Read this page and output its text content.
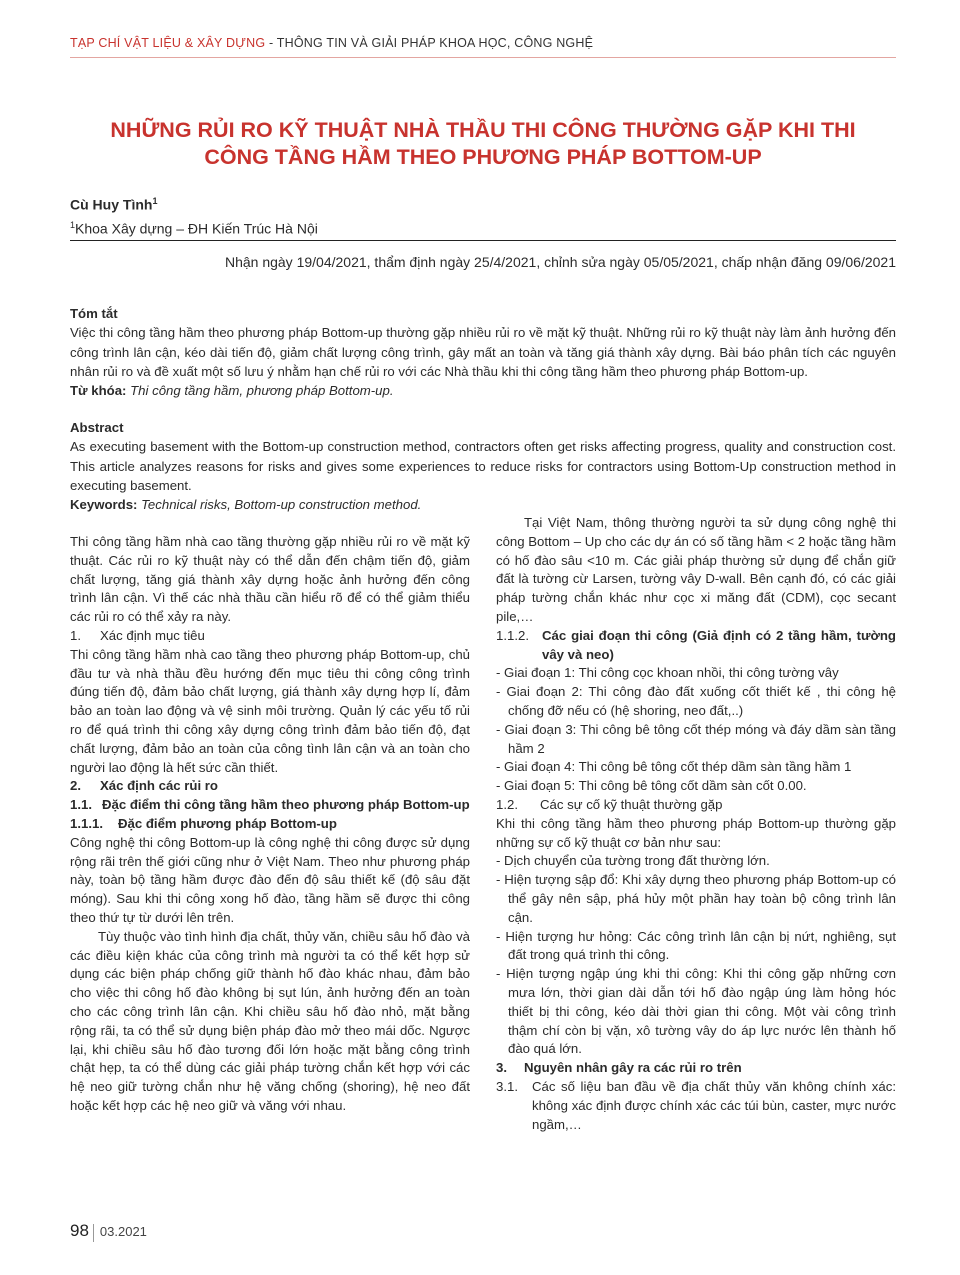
TẠP CHÍ VẬT LIỆU & XÂY DỰNG - THÔNG TIN VÀ GIẢI PHÁP KHOA HỌC, CÔNG NGHỆ
NHỮNG RỦI RO KỸ THUẬT NHÀ THẦU THI CÔNG THƯỜNG GẶP KHI THI
CÔNG TẦNG HẦM THEO PHƯƠNG PHÁP BOTTOM-UP
Cù Huy Tình$^1$
$^1$Khoa Xây dựng – ĐH Kiến Trúc Hà Nội
Nhận ngày 19/04/2021, thẩm định ngày 25/4/2021, chỉnh sửa ngày 05/05/2021, chấp nhận đăng 09/06/2021
Tóm tắt
Việc thi công tầng hầm theo phương pháp Bottom-up thường gặp nhiều rủi ro về mặt kỹ thuật. Những rủi ro kỹ thuật này làm ảnh hưởng đến công trình lân cận, kéo dài tiến độ, giảm chất lượng công trình, gây mất an toàn và tăng giá thành xây dựng. Bài báo phân tích các nguyên nhân rủi ro và đề xuất một số lưu ý nhằm hạn chế rủi ro với các Nhà thầu khi thi công tầng hầm theo phương pháp Bottom-up.
Từ khóa: Thi công tầng hầm, phương pháp Bottom-up.
Abstract
As executing basement with the Bottom-up construction method, contractors often get risks affecting progress, quality and construction cost. This article analyzes reasons for risks and gives some experiences to reduce risks for contractors using Bottom-Up construction method in executing basement.
Keywords: Technical risks, Bottom-up construction method.

Thi công tầng hầm nhà cao tầng thường gặp nhiều rủi ro về mặt kỹ thuật. Các rủi ro kỹ thuật này có thể dẫn đến chậm tiến độ, giảm chất lượng, tăng giá thành xây dựng hoặc ảnh hưởng đến công trình lân cận. Vì thế các nhà thầu cần hiểu rõ để có thể giảm thiểu các rủi ro có thể xảy ra này.

1.	Xác định mục tiêu

Thi công tầng hầm nhà cao tầng theo phương pháp Bottom-up, chủ đầu tư và nhà thầu đều hướng đến mục tiêu thi công công trình đúng tiến độ, đảm bảo chất lượng, giá thành xây dựng hợp lí, đảm bảo an toàn lao động và vệ sinh môi trường. Quản lý các yếu tố rủi ro để quá trình thi công xây dựng công trình đảm bảo tiến độ, đạt chất lượng, đảm bảo an toàn của công tình lân cận và an toàn cho người lao động là hết sức cần thiết.

2.	Xác định các rủi ro

1.1. Đặc điểm thi công tầng hầm theo phương pháp Bottom-up

1.1.1.	Đặc điểm phương pháp Bottom-up

Công nghệ thi công Bottom-up là công nghệ thi công được sử dụng rộng rãi trên thế giới cũng như ở Việt Nam. Theo như phương pháp này, toàn bộ tầng hầm được đào đến độ sâu thiết kế (độ sâu đặt móng). Sau khi thi công xong hố đào, tầng hầm sẽ được thi công theo thứ tự từ dưới lên trên.

Tùy thuộc vào tình hình địa chất, thủy văn, chiều sâu hố đào và các điều kiện khác của công trình mà người ta có thể kết hợp sử dụng các biện pháp chống giữ thành hố đào khác nhau, đảm bảo cho việc thi công hố đào không bị sụt lún, ảnh hưởng đến an toàn cho các công trình lân cận. Khi chiều sâu hố đào nhỏ, mặt bằng rộng rãi, ta có thể sử dụng biện pháp đào mở theo mái dốc. Ngược lại, khi chiều sâu hố đào tương đối lớn hoặc mặt bằng công trình chật hẹp, ta có thể dùng các giải pháp tường chắn kết hợp với các hệ neo giữ tường chắn như hệ văng chống (shoring), hệ neo đất hoặc kết hợp các hệ neo giữ và văng với nhau.

Tại Việt Nam, thông thường người ta sử dụng công nghệ thi công Bottom – Up cho các dự án có số tầng hầm < 2 hoặc tầng hầm có hố đào sâu <10 m. Các giải pháp thường sử dụng để chắn giữ đất là tường cừ Larsen, tường vây D-wall. Bên cạnh đó, có các giải pháp tường chắn khác như cọc xi măng đất (CDM), cọc secant pile,…

1.1.2. Các giai đoạn thi công (Giả định có 2 tầng hầm, tường vây và neo)

- Giai đoạn 1: Thi công cọc khoan nhồi, thi công tường vây

- Giai đoạn 2: Thi công đào đất xuống cốt thiết kế , thi công hệ chống đỡ nếu có (hệ shoring, neo đất,..)

- Giai đoạn 3: Thi công bê tông cốt thép móng và đáy dầm sàn tầng hầm 2

- Giai đoạn 4: Thi công bê tông cốt thép dầm sàn tầng hầm 1

- Giai đoạn 5: Thi công bê tông cốt dầm sàn cốt 0.00.

1.2.	Các sự cố kỹ thuật thường gặp

Khi thi công tầng hầm theo phương pháp Bottom-up thường gặp những sự cố kỹ thuật cơ bản như sau:

- Dịch chuyển của tường trong đất thường lớn.

- Hiện tượng sập đổ: Khi xây dựng theo phương pháp Bottom-up có thể gây nên sập, phá hủy một phần hay toàn bộ công trình lân cận.

- Hiện tượng hư hỏng: Các công trình lân cận bị nứt, nghiêng, sụt đất trong quá trình thi công.

- Hiện tượng ngập úng khi thi công: Khi thi công gặp những cơn mưa lớn, thời gian dài dẫn tới hố đào ngập úng làm hỏng hóc thiết bị thi công, kéo dài thời gian thi công. Một vài công trình thậm chí còn bị vặn, xô tường vây do áp lực nước lên thành hố đào quá lớn.

3.	Nguyên nhân gây ra các rủi ro trên

3.1.	Các số liệu ban đầu về địa chất thủy văn không chính xác: không xác định được chính xác các túi bùn, caster, mực nước ngầm,…

98 03.2021
